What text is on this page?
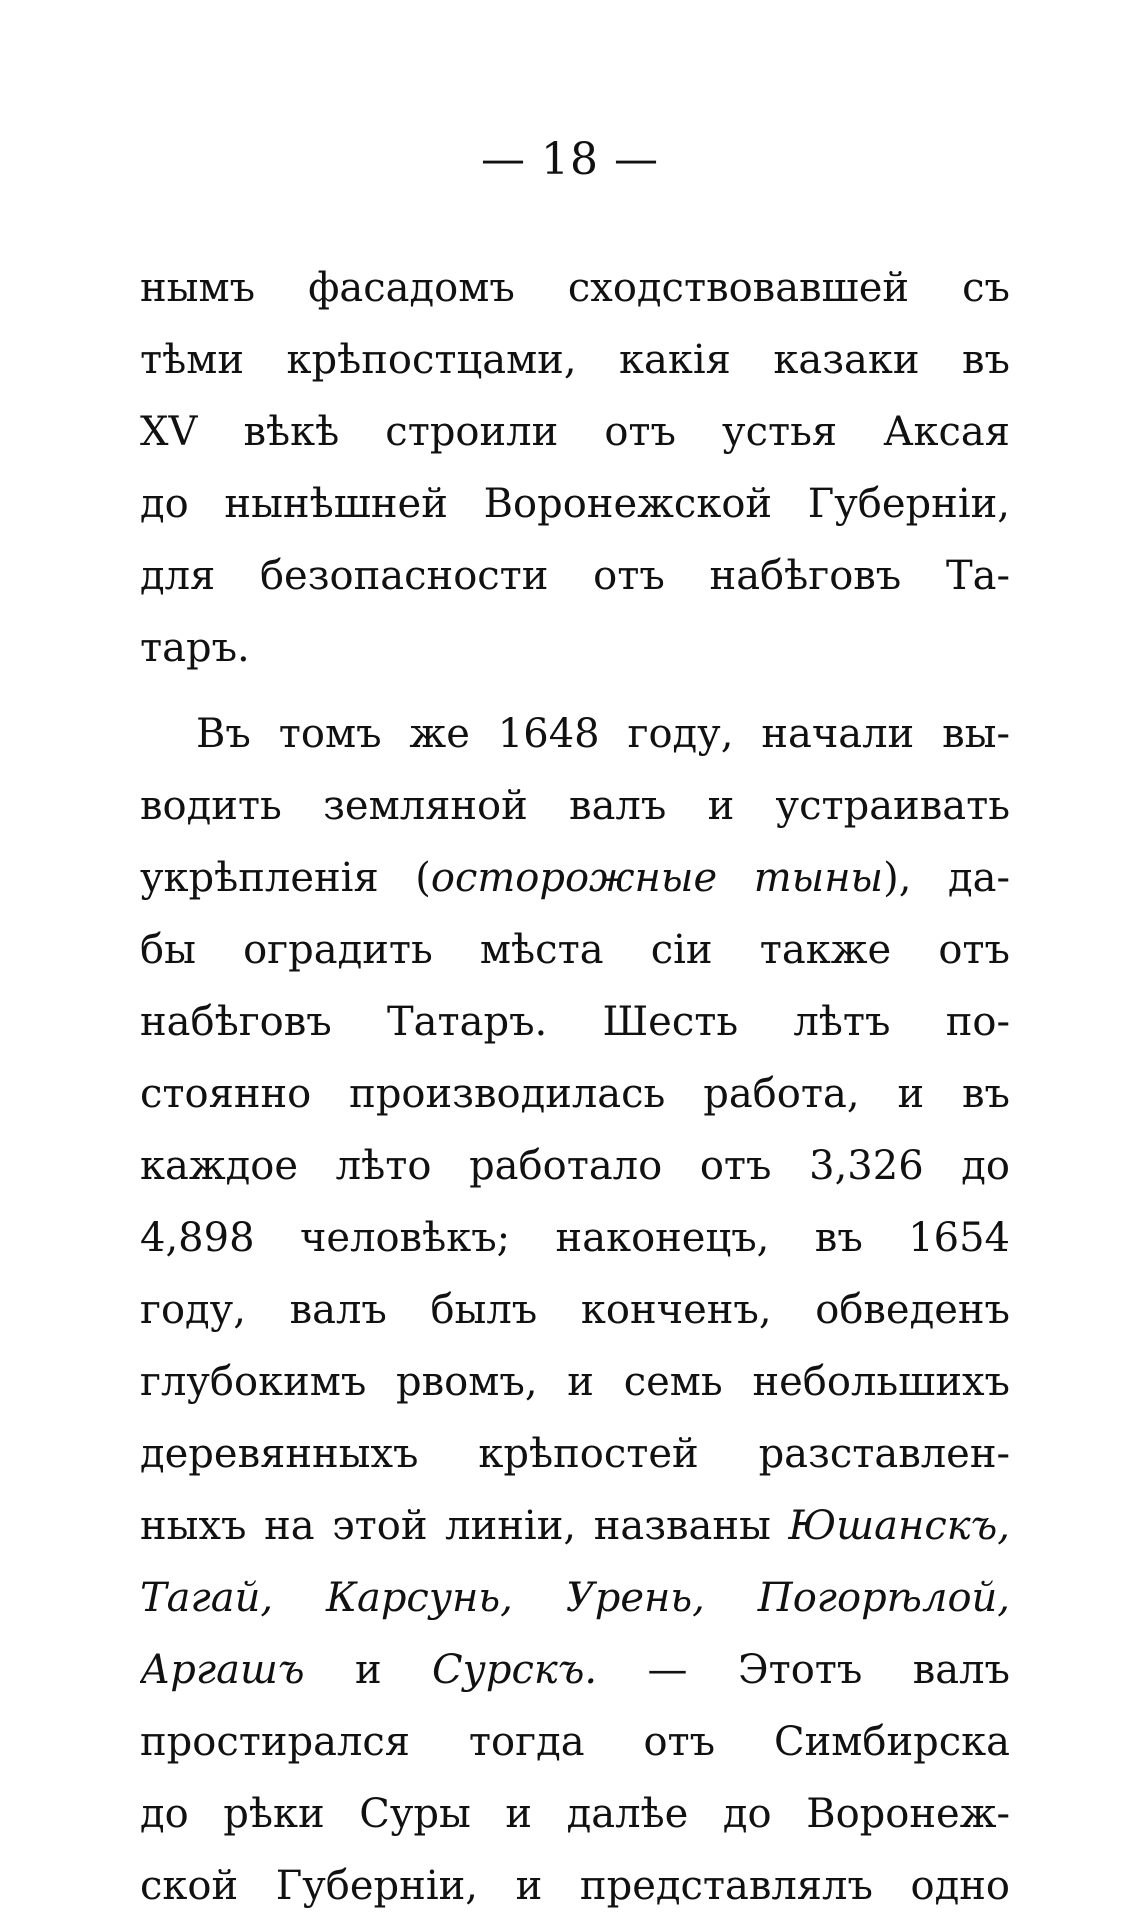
— 18 —
нымъ фасадомъ сходствовавшей съ
тѣми крѣпостцами, какія казаки въ
XV вѣкѣ строили отъ устья Аксая
до нынѣшней Воронежской Губерніи,
для безопасности отъ набѣговъ Та-
таръ.
Въ томъ же 1648 году, начали вы-
водить земляной валъ и устраивать
укрѣпленія (осторожные тыны), да-
бы оградить мѣста сіи также отъ
набѣговъ Татаръ. Шесть лѣтъ по-
стоянно производилась работа, и въ
каждое лѣто работало отъ 3,326 до
4,898 человѣкъ; наконецъ, въ 1654
году, валъ былъ конченъ, обведенъ
глубокимъ рвомъ, и семь небольшихъ
деревянныхъ крѣпостей разставлен-
ныхъ на этой линіи, названы Юшанскъ,
Тагай, Карсунь, Урень, Погорѣлой,
Аргашъ и Сурскъ. — Этотъ валъ
простирался тогда отъ Симбирска
до рѣки Суры и далѣе до Воронеж-
ской Губерніи, и представлялъ одно
